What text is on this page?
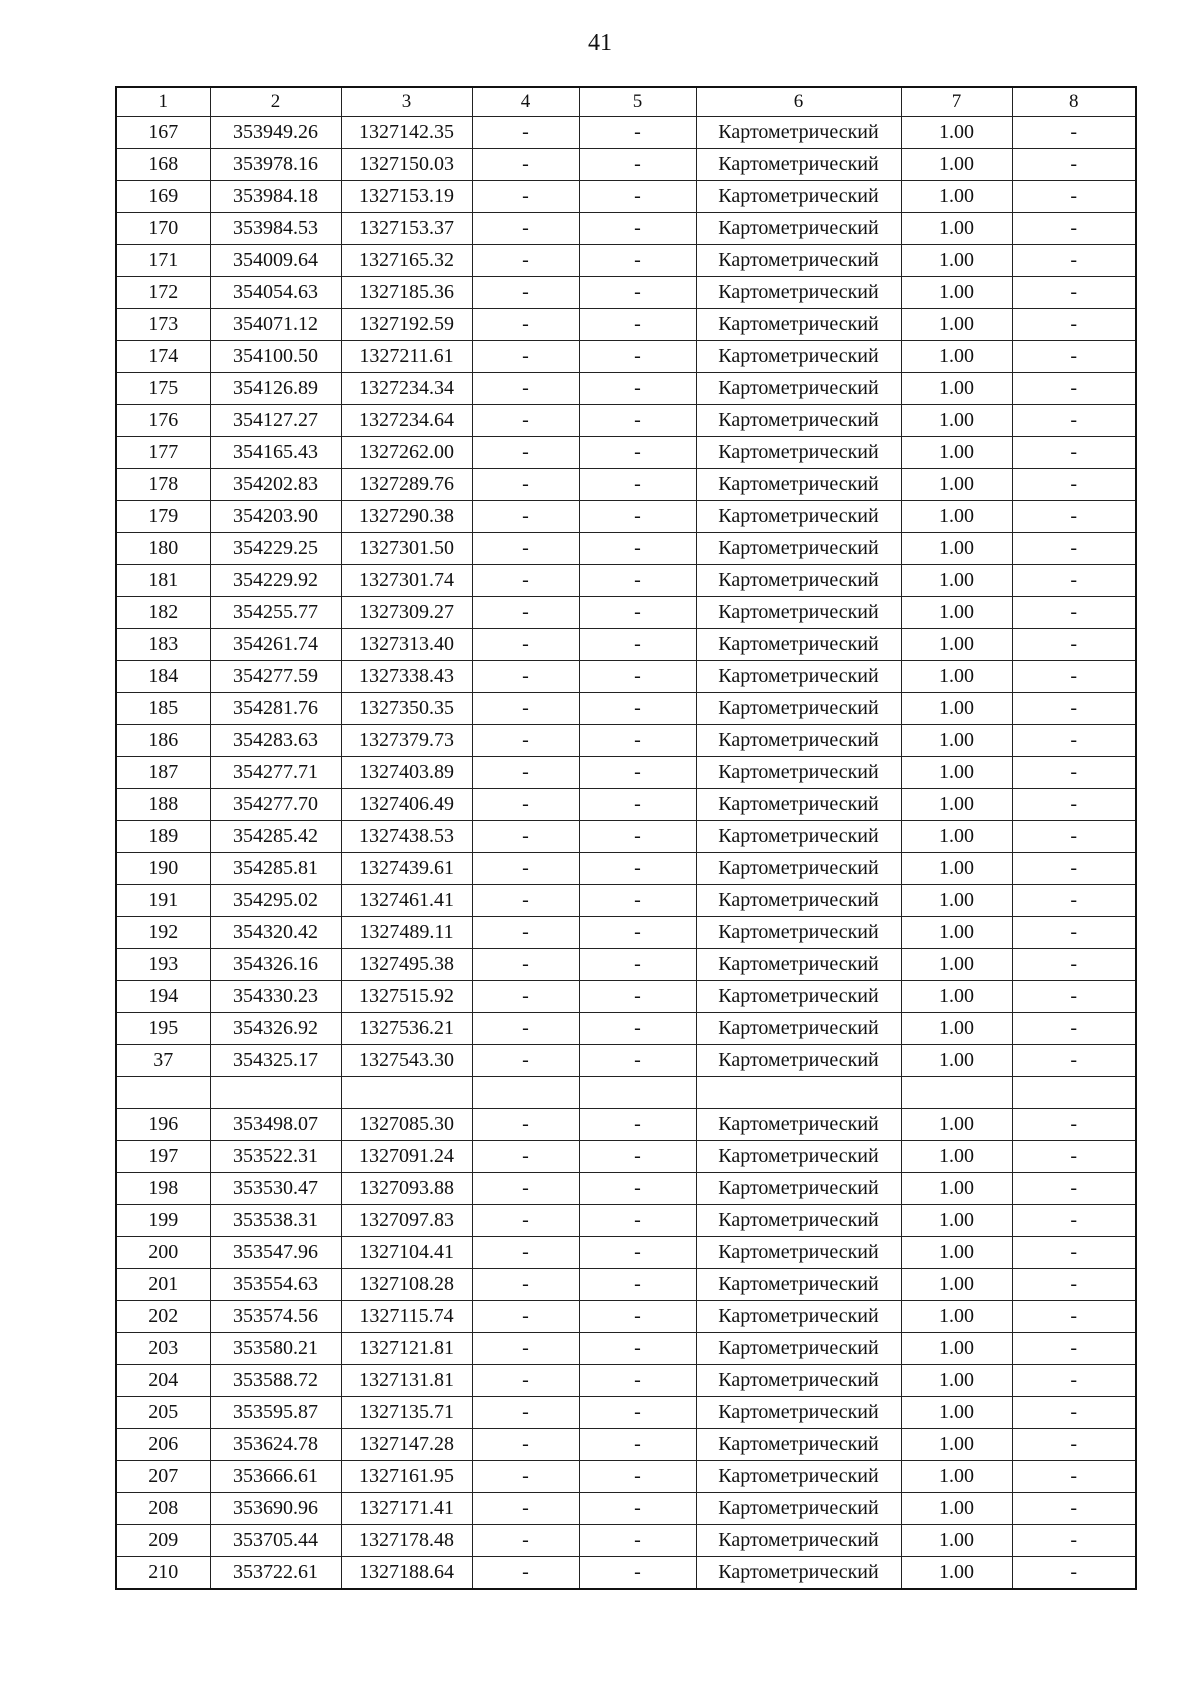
41
1	2	3	4	5	6	7	8
167	353949.26	1327142.35	-	-	Картометрический	1.00	-
168	353978.16	1327150.03	-	-	Картометрический	1.00	-
169	353984.18	1327153.19	-	-	Картометрический	1.00	-
170	353984.53	1327153.37	-	-	Картометрический	1.00	-
171	354009.64	1327165.32	-	-	Картометрический	1.00	-
172	354054.63	1327185.36	-	-	Картометрический	1.00	-
173	354071.12	1327192.59	-	-	Картометрический	1.00	-
174	354100.50	1327211.61	-	-	Картометрический	1.00	-
175	354126.89	1327234.34	-	-	Картометрический	1.00	-
176	354127.27	1327234.64	-	-	Картометрический	1.00	-
177	354165.43	1327262.00	-	-	Картометрический	1.00	-
178	354202.83	1327289.76	-	-	Картометрический	1.00	-
179	354203.90	1327290.38	-	-	Картометрический	1.00	-
180	354229.25	1327301.50	-	-	Картометрический	1.00	-
181	354229.92	1327301.74	-	-	Картометрический	1.00	-
182	354255.77	1327309.27	-	-	Картометрический	1.00	-
183	354261.74	1327313.40	-	-	Картометрический	1.00	-
184	354277.59	1327338.43	-	-	Картометрический	1.00	-
185	354281.76	1327350.35	-	-	Картометрический	1.00	-
186	354283.63	1327379.73	-	-	Картометрический	1.00	-
187	354277.71	1327403.89	-	-	Картометрический	1.00	-
188	354277.70	1327406.49	-	-	Картометрический	1.00	-
189	354285.42	1327438.53	-	-	Картометрический	1.00	-
190	354285.81	1327439.61	-	-	Картометрический	1.00	-
191	354295.02	1327461.41	-	-	Картометрический	1.00	-
192	354320.42	1327489.11	-	-	Картометрический	1.00	-
193	354326.16	1327495.38	-	-	Картометрический	1.00	-
194	354330.23	1327515.92	-	-	Картометрический	1.00	-
195	354326.92	1327536.21	-	-	Картометрический	1.00	-
37	354325.17	1327543.30	-	-	Картометрический	1.00	-

196	353498.07	1327085.30	-	-	Картометрический	1.00	-
197	353522.31	1327091.24	-	-	Картометрический	1.00	-
198	353530.47	1327093.88	-	-	Картометрический	1.00	-
199	353538.31	1327097.83	-	-	Картометрический	1.00	-
200	353547.96	1327104.41	-	-	Картометрический	1.00	-
201	353554.63	1327108.28	-	-	Картометрический	1.00	-
202	353574.56	1327115.74	-	-	Картометрический	1.00	-
203	353580.21	1327121.81	-	-	Картометрический	1.00	-
204	353588.72	1327131.81	-	-	Картометрический	1.00	-
205	353595.87	1327135.71	-	-	Картометрический	1.00	-
206	353624.78	1327147.28	-	-	Картометрический	1.00	-
207	353666.61	1327161.95	-	-	Картометрический	1.00	-
208	353690.96	1327171.41	-	-	Картометрический	1.00	-
209	353705.44	1327178.48	-	-	Картометрический	1.00	-
210	353722.61	1327188.64	-	-	Картометрический	1.00	-
